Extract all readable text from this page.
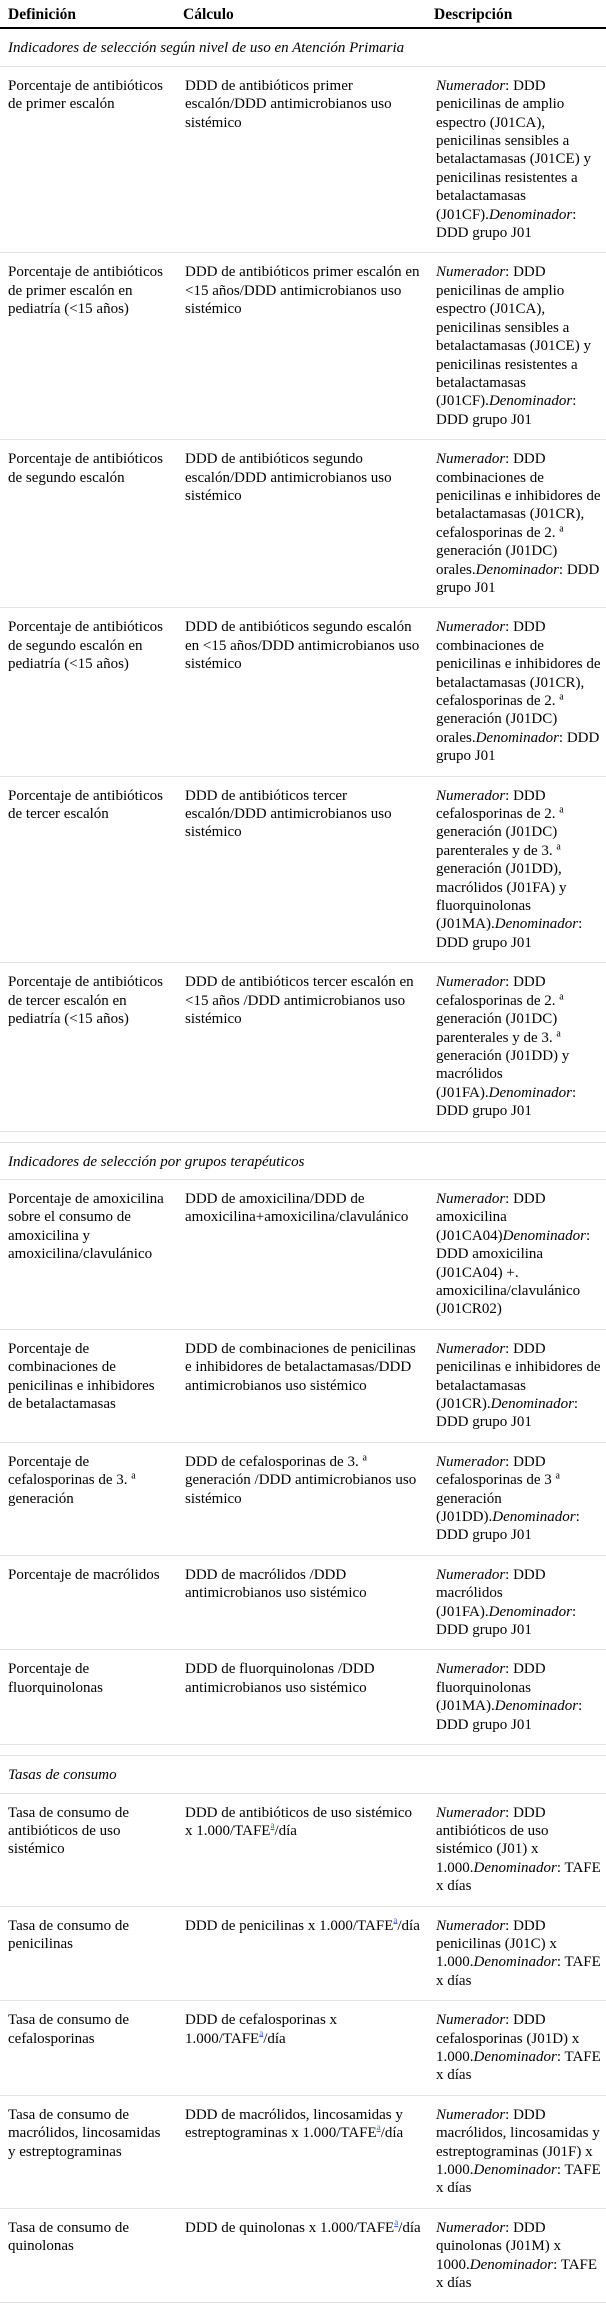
Definición	Cálculo	Descripción
Indicadores de selección según nivel de uso en Atención Primaria		
Porcentaje de antibióticos de primer escalón	DDD de antibióticos primer escalón/DDD antimicrobianos uso sistémico	Numerador: DDD penicilinas de amplio espectro (J01CA), penicilinas sensibles a betalactamasas (J01CE) y penicilinas resistentes a betalactamasas (J01CF).Denominador: DDD grupo J01
Porcentaje de antibióticos de primer escalón en pediatría (<15 años)	DDD de antibióticos primer escalón en <15 años/DDD antimicrobianos uso sistémico	Numerador: DDD penicilinas de amplio espectro (J01CA), penicilinas sensibles a betalactamasas (J01CE) y penicilinas resistentes a betalactamasas (J01CF).Denominador: DDD grupo J01
Porcentaje de antibióticos de segundo escalón	DDD de antibióticos segundo escalón/DDD antimicrobianos uso sistémico	Numerador: DDD combinaciones de penicilinas e inhibidores de betalactamasas (J01CR), cefalosporinas de 2. $^a$ generación (J01DC) orales.Denominador: DDD grupo J01
Porcentaje de antibióticos de segundo escalón en pediatría (<15 años)	DDD de antibióticos segundo escalón en <15 años/DDD antimicrobianos uso sistémico	Numerador: DDD combinaciones de penicilinas e inhibidores de betalactamasas (J01CR), cefalosporinas de 2. $^a$ generación (J01DC) orales.Denominador: DDD grupo J01
Porcentaje de antibióticos de tercer escalón	DDD de antibióticos tercer escalón/DDD antimicrobianos uso sistémico	Numerador: DDD cefalosporinas de 2. $^a$ generación (J01DC) parenterales y de 3. $^a$ generación (J01DD), macrólidos (J01FA) y fluorquinolonas (J01MA).Denominador: DDD grupo J01
Porcentaje de antibióticos de tercer escalón en pediatría (<15 años)	DDD de antibióticos tercer escalón en <15 años /DDD antimicrobianos uso sistémico	Numerador: DDD cefalosporinas de 2. $^a$ generación (J01DC) parenterales y de 3. $^a$ generación (J01DD) y macrólidos (J01FA).Denominador: DDD grupo J01

Indicadores de selección por grupos terapéuticos		
Porcentaje de amoxicilina sobre el consumo de amoxicilina y amoxicilina/clavulánico	DDD de amoxicilina/DDD de amoxicilina+amoxicilina/clavulánico	Numerador: DDD amoxicilina (J01CA04)Denominador: DDD amoxicilina (J01CA04) +. amoxicilina/clavulánico (J01CR02)
Porcentaje de combinaciones de penicilinas e inhibidores de betalactamasas	DDD de combinaciones de penicilinas e inhibidores de betalactamasas/DDD antimicrobianos uso sistémico	Numerador: DDD penicilinas e inhibidores de betalactamasas (J01CR).Denominador: DDD grupo J01
Porcentaje de cefalosporinas de 3. $^a$ generación	DDD de cefalosporinas de 3. $^a$ generación /DDD antimicrobianos uso sistémico	Numerador: DDD cefalosporinas de 3 $^a$ generación (J01DD).Denominador: DDD grupo J01
Porcentaje de macrólidos	DDD de macrólidos /DDD antimicrobianos uso sistémico	Numerador: DDD macrólidos (J01FA).Denominador: DDD grupo J01
Porcentaje de fluorquinolonas	DDD de fluorquinolonas /DDD antimicrobianos uso sistémico	Numerador: DDD fluorquinolonas (J01MA).Denominador: DDD grupo J01

Tasas de consumo		
Tasa de consumo de antibióticos de uso sistémico	DDD de antibióticos de uso sistémico x 1.000/TAFE$^a$/día	Numerador: DDD antibióticos de uso sistémico (J01) x 1.000.Denominador: TAFE x días
Tasa de consumo de penicilinas	DDD de penicilinas x 1.000/TAFE$^a$/día	Numerador: DDD penicilinas (J01C) x 1.000.Denominador: TAFE x días
Tasa de consumo de cefalosporinas	DDD de cefalosporinas x 1.000/TAFE$^a$/día	Numerador: DDD cefalosporinas (J01D) x 1.000.Denominador: TAFE x días
Tasa de consumo de macrólidos, lincosamidas y estreptograminas	DDD de macrólidos, lincosamidas y estreptograminas x 1.000/TAFE$^a$/día	Numerador: DDD macrólidos, lincosamidas y estreptograminas (J01F) x 1.000.Denominador: TAFE x días
Tasa de consumo de quinolonas	DDD de quinolonas x 1.000/TAFE$^a$/día	Numerador: DDD quinolonas (J01M) x 1000.Denominador: TAFE x días
